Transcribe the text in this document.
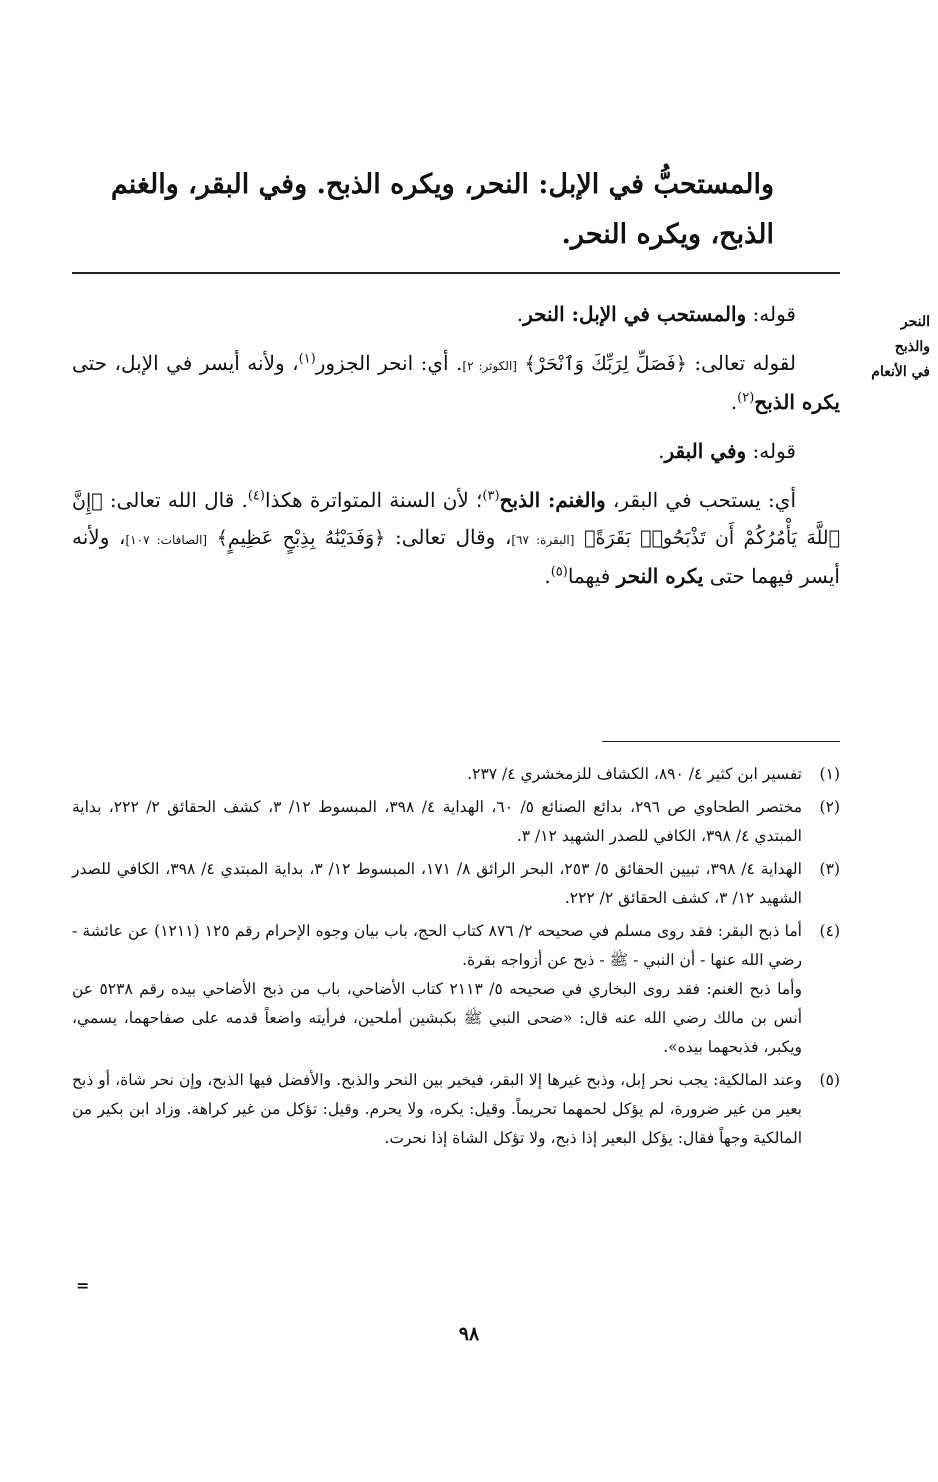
والمستحبُّ في الإبل: النحر، ويكره الذبح. وفي البقر، والغنم

الذبح، ويكره النحر.

النحر
والذبح
في الأنعام

قوله: والمستحب في الإبل: النحر.

لقوله تعالى: ﴿فَصَلِّ لِرَبِّكَ وَٱنْحَرْ﴾ [الكوثر: ٢]. أي: انحر الجزور$^{(١)}$، ولأنه أيسر في الإبل، حتى يكره الذبح$^{(٢)}$.

قوله: وفي البقر.

أي: يستحب في البقر، والغنم: الذبح$^{(٣)}$؛ لأن السنة المتواترة هكذا$^{(٤)}$. قال الله تعالى: ﴿إِنَّ ٱللَّهَ يَأْمُرُكُمْ أَن تَذْبَحُوا۟ بَقَرَةً﴾ [البقرة: ٦٧]، وقال تعالى: ﴿وَفَدَيْنَٰهُ بِذِبْحٍ عَظِيمٍ﴾ [الصافات: ١٠٧]، ولأنه أيسر فيهما حتى يكره النحر فيهما$^{(٥)}$.

(١)
تفسير ابن كثير ٤/ ٨٩٠، الكشاف للزمخشري ٤/ ٢٣٧.
(٢)
مختصر الطحاوي ص ٢٩٦، بدائع الصنائع ٥/ ٦٠، الهداية ٤/ ٣٩٨، المبسوط ١٢/ ٣، كشف الحقائق ٢/ ٢٢٢، بداية المبتدي ٤/ ٣٩٨، الكافي للصدر الشهيد ١٢/ ٣.
(٣)
الهداية ٤/ ٣٩٨، تبيين الحقائق ٥/ ٢٥٣، البحر الرائق ٨/ ١٧١، المبسوط ١٢/ ٣، بداية المبتدي ٤/ ٣٩٨، الكافي للصدر الشهيد ١٢/ ٣، كشف الحقائق ٢/ ٢٢٢.
(٤)
أما ذبح البقر: فقد روى مسلم في صحيحه ٢/ ٨٧٦ كتاب الحج، باب بيان وجوه الإحرام رقم ١٢٥ (١٢١١) عن عائشة - رضي الله عنها - أن النبي - ﷺ - ذبح عن أزواجه بقرة.
وأما ذبح الغنم: فقد روى البخاري في صحيحه ٥/ ٢١١٣ كتاب الأضاحي، باب من ذبح الأضاحي بيده رقم ٥٢٣٨ عن أنس بن مالك رضي الله عنه قال: «ضحى النبي ﷺ بكبشين أملحين، فرأيته واضعاً قدمه على صفاحهما، يسمي، ويكبر، فذبحهما بيده».
(٥)
وعند المالكية: يجب نحر إبل، وذبح غيرها إلا البقر، فيخير بين النحر والذبح. والأفضل فيها الذبح، وإن نحر شاة، أو ذبح بعير من غير ضرورة، لم يؤكل لحمهما تحريماً. وقيل: يكره، ولا يحرم. وقيل: تؤكل من غير كراهة. وزاد ابن بكير من المالكية وجهاً فقال: يؤكل البعير إذا ذبح، ولا تؤكل الشاة إذا نحرت.
=
٩٨
